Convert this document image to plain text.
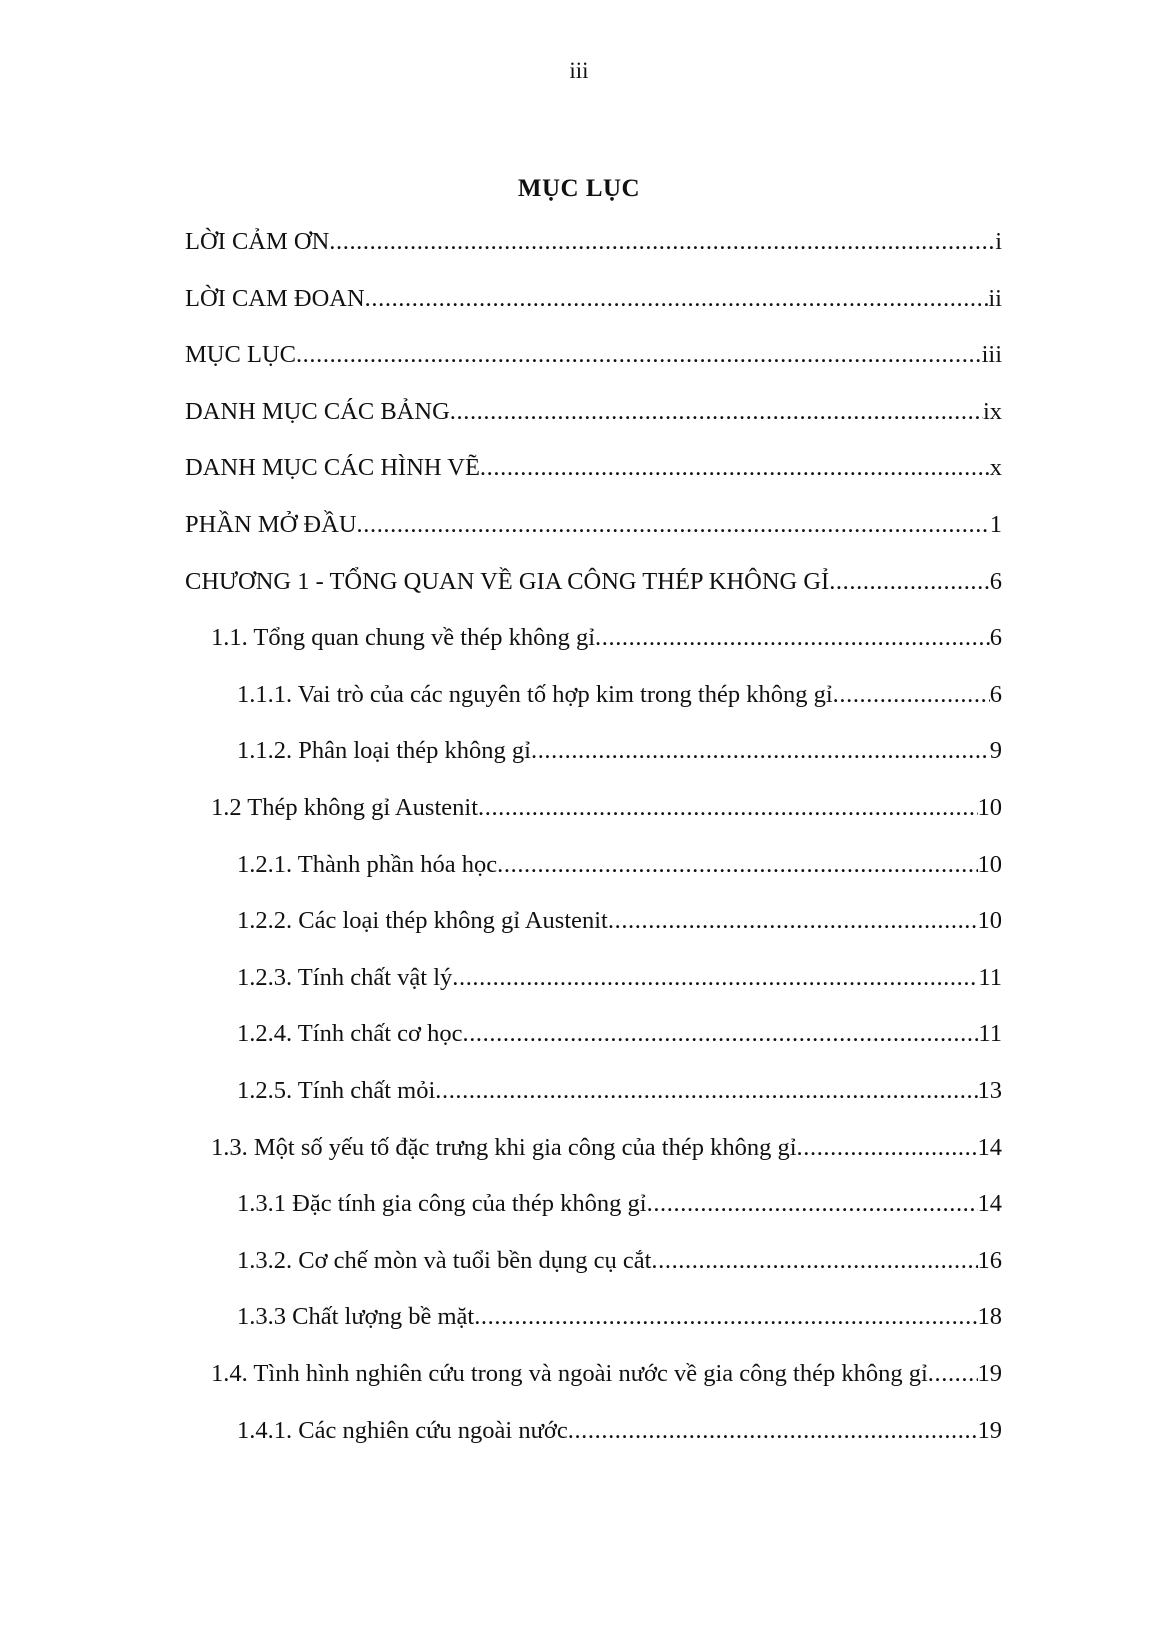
iii
MỤC LỤC
LỜI CẢM ƠN .....	i
LỜI CAM ĐOAN .....	ii
MỤC LỤC .....	iii
DANH MỤC CÁC BẢNG .....	ix
DANH MỤC CÁC HÌNH VẼ .....	x
PHẦN MỞ ĐẦU .....	1
CHƯƠNG 1 - TỔNG QUAN VỀ GIA CÔNG THÉP KHÔNG GỈ .....	6
1.1. Tổng quan chung về thép không gỉ .....	6
1.1.1. Vai trò của các nguyên tố hợp kim trong thép không gỉ .....	6
1.1.2. Phân loại thép không gỉ .....	9
1.2 Thép không gỉ Austenit .....	10
1.2.1. Thành phần hóa học .....	10
1.2.2. Các loại thép không gỉ Austenit .....	10
1.2.3. Tính chất vật lý .....	11
1.2.4. Tính chất cơ học .....	11
1.2.5. Tính chất mỏi .....	13
1.3. Một số yếu tố đặc trưng khi gia công của thép không gỉ .....	14
1.3.1 Đặc tính gia công của thép không gỉ .....	14
1.3.2. Cơ chế mòn và tuổi bền dụng cụ cắt .....	16
1.3.3 Chất lượng bề mặt .....	18
1.4. Tình hình nghiên cứu trong và ngoài nước về gia công thép không gỉ ..... 19
1.4.1. Các nghiên cứu ngoài nước .....	19
